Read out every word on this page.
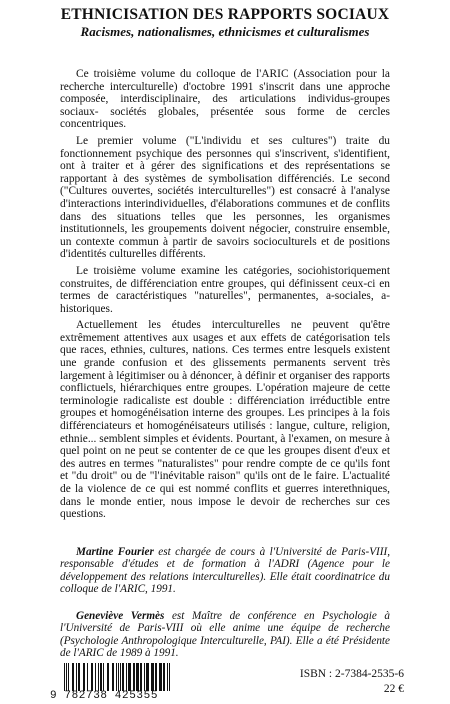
ETHNICISATION DES RAPPORTS SOCIAUX
Racismes, nationalismes, ethnicismes et culturalismes

Ce troisième volume du colloque de l'ARIC (Association pour la recherche interculturelle) d'octobre 1991 s'inscrit dans une approche composée, interdisciplinaire, des articulations individus-groupes sociaux- sociétés globales, présentée sous forme de cercles concentriques.

Le premier volume ("L'individu et ses cultures") traite du fonctionnement psychique des personnes qui s'inscrivent, s'identifient, ont à traiter et à gérer des significations et des représentations se rapportant à des systèmes de symbolisation différenciés. Le second ("Cultures ouvertes, sociétés interculturelles") est consacré à l'analyse d'interactions interindividuelles, d'élaborations communes et de conflits dans des situations telles que les personnes, les organismes institutionnels, les groupements doivent négocier, construire ensemble, un contexte commun à partir de savoirs socioculturels et de positions d'identités culturelles différents.

Le troisième volume examine les catégories, sociohistoriquement construites, de différenciation entre groupes, qui définissent ceux-ci en termes de caractéristiques "naturelles", permanentes, a-sociales, a-historiques.

Actuellement les études interculturelles ne peuvent qu'être extrêmement attentives aux usages et aux effets de catégorisation tels que races, ethnies, cultures, nations. Ces termes entre lesquels existent une grande confusion et des glissements permanents servent très largement à légitimiser ou à dénoncer, à définir et organiser des rapports conflictuels, hiérarchiques entre groupes. L'opération majeure de cette terminologie radicaliste est double : différenciation irréductible entre groupes et homogénéisation interne des groupes. Les principes à la fois différenciateurs et homogénéisateurs utilisés : langue, culture, religion, ethnie... semblent simples et évidents. Pourtant, à l'examen, on mesure à quel point on ne peut se contenter de ce que les groupes disent d'eux et des autres en termes "naturalistes" pour rendre compte de ce qu'ils font et "du droit" ou de "l'inévitable raison" qu'ils ont de le faire. L'actualité de la violence de ce qui est nommé conflits et guerres interethniques, dans le monde entier, nous impose le devoir de recherches sur ces questions.

Martine Fourier est chargée de cours à l'Université de Paris-VIII, responsable d'études et de formation à l'ADRI (Agence pour le développement des relations interculturelles). Elle était coordinatrice du colloque de l'ARIC, 1991.

Geneviève Vermès est Maître de conférence en Psychologie à l'Université de Paris-VIII où elle anime une équipe de recherche (Psychologie Anthropologique Interculturelle, PAI). Elle a été Présidente de l'ARIC de 1989 à 1991.

9 782738 425355
ISBN : 2-7384-2535-6
22 €
